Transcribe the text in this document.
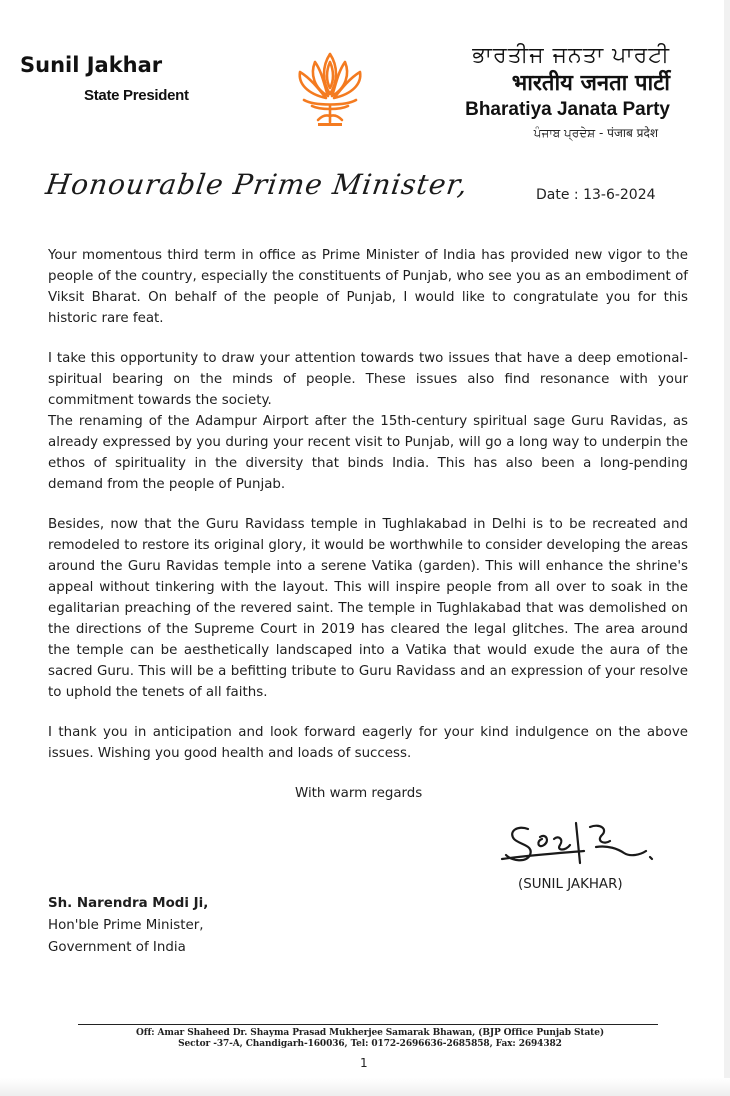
Sunil Jakhar
State President
ਭਾਰਤੀਜ ਜਨਤਾ ਪਾਰਟੀ
भारतीय जनता पार्टी
Bharatiya Janata Party
ਪੰਜਾਬ ਪ੍ਰਦੇਸ਼ - पंजाब प्रदेश
Honourable Prime Minister,	Date : 13-6-2024

Your momentous third term in office as Prime Minister of India has provided new vigor to the people of the country, especially the constituents of Punjab, who see you as an embodiment of Viksit Bharat. On behalf of the people of Punjab, I would like to congratulate you for this historic rare feat.

I take this opportunity to draw your attention towards two issues that have a deep emotional-spiritual bearing on the minds of people. These issues also find resonance with your commitment towards the society.

The renaming of the Adampur Airport after the 15th-century spiritual sage Guru Ravidas, as already expressed by you during your recent visit to Punjab, will go a long way to underpin the ethos of spirituality in the diversity that binds India. This has also been a long-pending demand from the people of Punjab.

Besides, now that the Guru Ravidass temple in Tughlakabad in Delhi is to be recreated and remodeled to restore its original glory, it would be worthwhile to consider developing the areas around the Guru Ravidas temple into a serene Vatika (garden). This will enhance the shrine's appeal without tinkering with the layout. This will inspire people from all over to soak in the egalitarian preaching of the revered saint. The temple in Tughlakabad that was demolished on the directions of the Supreme Court in 2019 has cleared the legal glitches. The area around the temple can be aesthetically landscaped into a Vatika that would exude the aura of the sacred Guru. This will be a befitting tribute to Guru Ravidass and an expression of your resolve to uphold the tenets of all faiths.

I thank you in anticipation and look forward eagerly for your kind indulgence on the above issues. Wishing you good health and loads of success.

With warm regards
(SUNIL JAKHAR)
Sh. Narendra Modi Ji,
Hon'ble Prime Minister,
Government of India
Off: Amar Shaheed Dr. Shayma Prasad Mukherjee Samarak Bhawan, (BJP Office Punjab State)
Sector -37-A, Chandigarh-160036, Tel: 0172-2696636-2685858, Fax: 2694382
1
